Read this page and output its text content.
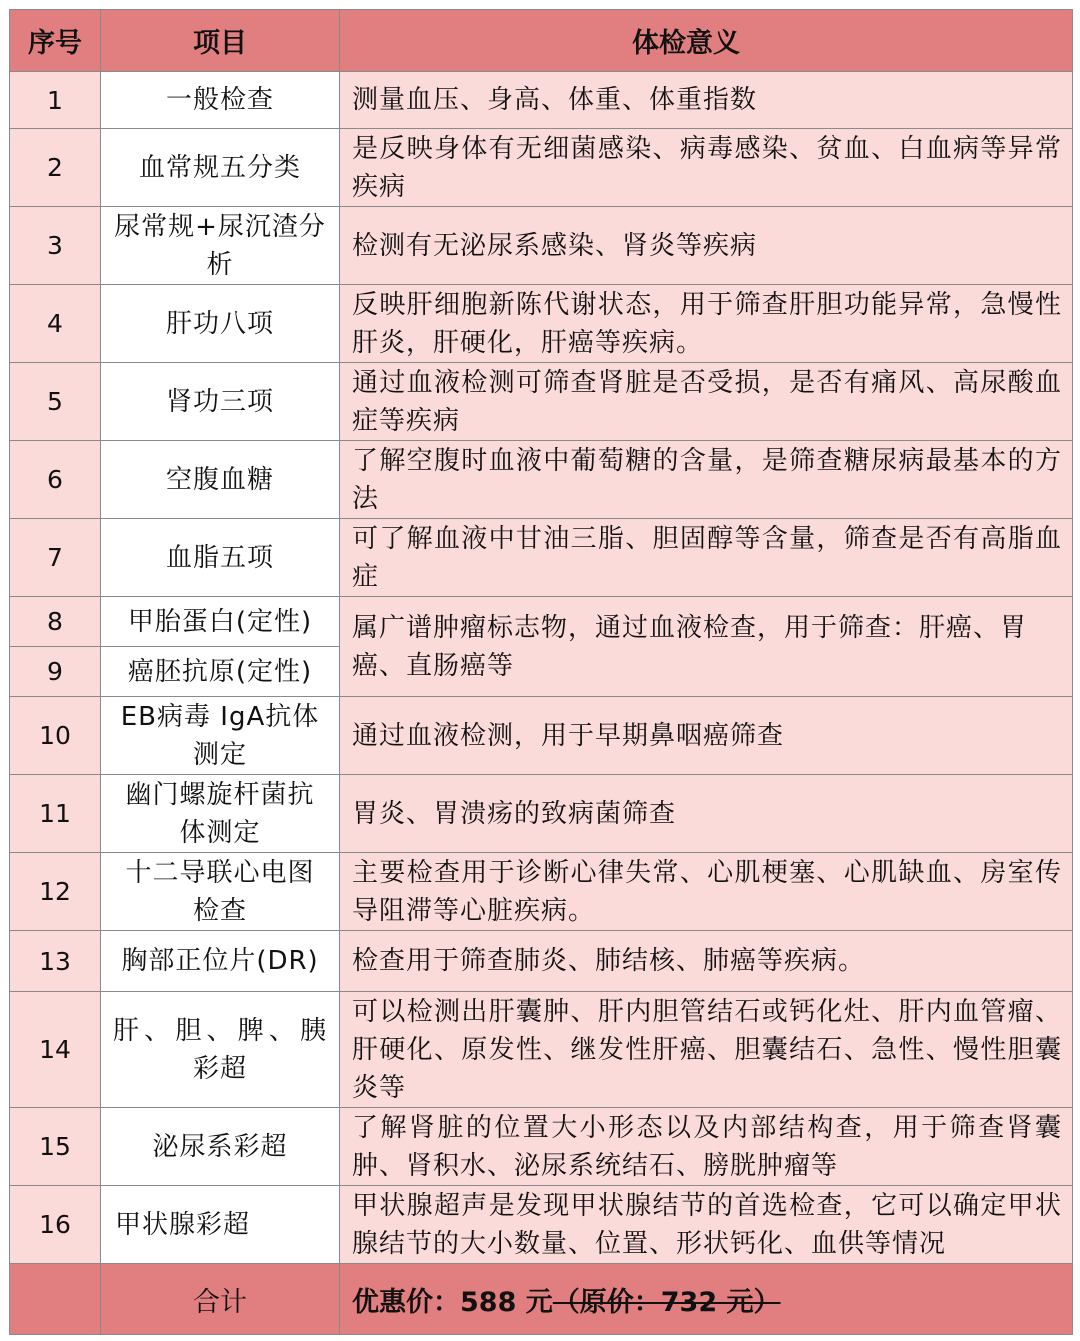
序号	项目	体检意义
1	一般检查	测量血压、身高、体重、体重指数
2	血常规五分类	是反映身体有无细菌感染、病毒感染、贫血、白血病等异常疾病
3	尿常规+尿沉渣分析	检测有无泌尿系感染、肾炎等疾病
4	肝功八项	反映肝细胞新陈代谢状态，用于筛查肝胆功能异常，急慢性肝炎，肝硬化，肝癌等疾病。
5	肾功三项	通过血液检测可筛查肾脏是否受损，是否有痛风、高尿酸血症等疾病
6	空腹血糖	了解空腹时血液中葡萄糖的含量，是筛查糖尿病最基本的方法
7	血脂五项	可了解血液中甘油三脂、胆固醇等含量，筛查是否有高脂血症
8	甲胎蛋白(定性)	属广谱肿瘤标志物，通过血液检查，用于筛查：肝癌、胃癌、直肠癌等
9	癌胚抗原(定性)	
10	EB病毒 IgA抗体测定	通过血液检测，用于早期鼻咽癌筛查
11	幽门螺旋杆菌抗体测定	胃炎、胃溃疡的致病菌筛查
12	十二导联心电图检查	主要检查用于诊断心律失常、心肌梗塞、心肌缺血、房室传导阻滞等心脏疾病。
13	胸部正位片(DR)	检查用于筛查肺炎、肺结核、肺癌等疾病。
14	肝、胆、脾、胰彩超	可以检测出肝囊肿、肝内胆管结石或钙化灶、肝内血管瘤、肝硬化、原发性、继发性肝癌、胆囊结石、急性、慢性胆囊炎等
15	泌尿系彩超	了解肾脏的位置大小形态以及内部结构查，用于筛查肾囊肿、肾积水、泌尿系统结石、膀胱肿瘤等
16	甲状腺彩超	甲状腺超声是发现甲状腺结节的首选检查，它可以确定甲状腺结节的大小数量、位置、形状钙化、血供等情况
	合计	优惠价：588 元（原价：732 元）
